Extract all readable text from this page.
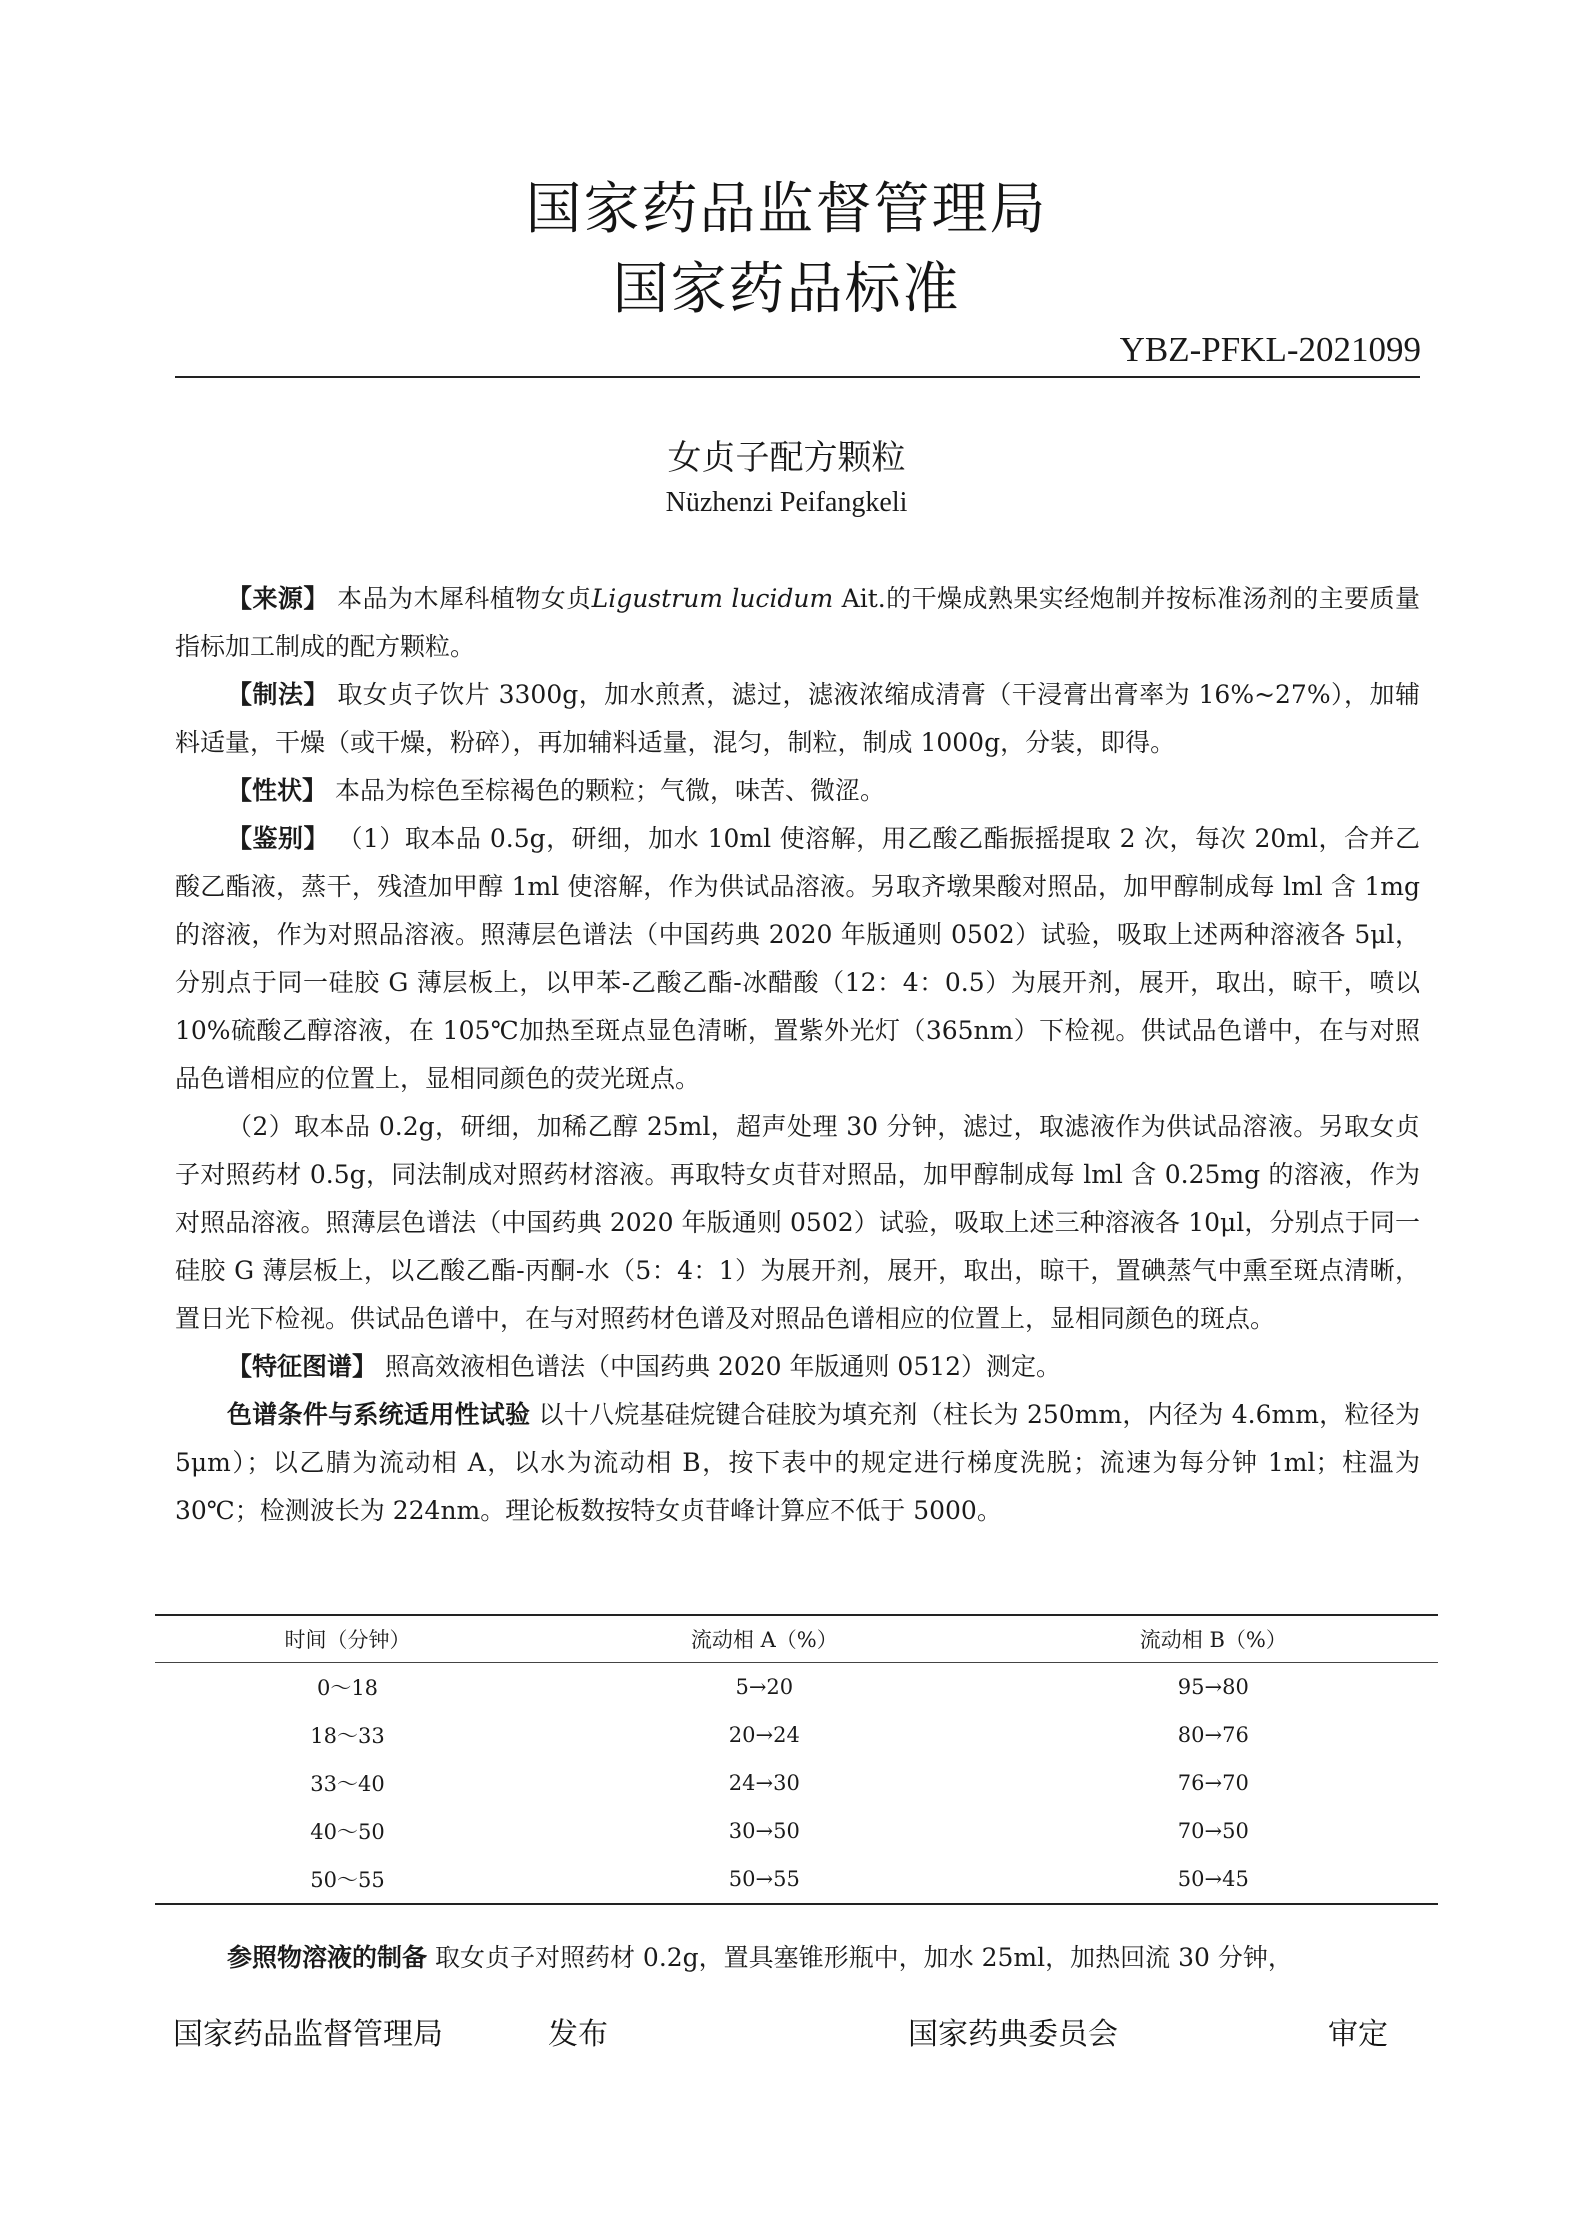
国家药品监督管理局
国家药品标准
YBZ-PFKL-2021099
女贞子配方颗粒
Nüzhenzi Peifangkeli

【来源】 本品为木犀科植物女贞Ligustrum lucidum Ait.的干燥成熟果实经炮制并按标准汤剂的主要质量指标加工制成的配方颗粒。

【制法】 取女贞子饮片 3300g，加水煎煮，滤过，滤液浓缩成清膏（干浸膏出膏率为 16%~27%），加辅料适量，干燥（或干燥，粉碎），再加辅料适量，混匀，制粒，制成 1000g，分装，即得。

【性状】 本品为棕色至棕褐色的颗粒；气微，味苦、微涩。

【鉴别】 （1）取本品 0.5g，研细，加水 10ml 使溶解，用乙酸乙酯振摇提取 2 次，每次 20ml，合并乙酸乙酯液，蒸干，残渣加甲醇 1ml 使溶解，作为供试品溶液。另取齐墩果酸对照品，加甲醇制成每 lml 含 1mg 的溶液，作为对照品溶液。照薄层色谱法（中国药典 2020 年版通则 0502）试验，吸取上述两种溶液各 5μl，分别点于同一硅胶 G 薄层板上，以甲苯-乙酸乙酯-冰醋酸（12：4：0.5）为展开剂，展开，取出，晾干，喷以 10%硫酸乙醇溶液，在 105℃加热至斑点显色清晰，置紫外光灯（365nm）下检视。供试品色谱中，在与对照品色谱相应的位置上，显相同颜色的荧光斑点。

（2）取本品 0.2g，研细，加稀乙醇 25ml，超声处理 30 分钟，滤过，取滤液作为供试品溶液。另取女贞子对照药材 0.5g，同法制成对照药材溶液。再取特女贞苷对照品，加甲醇制成每 lml 含 0.25mg 的溶液，作为对照品溶液。照薄层色谱法（中国药典 2020 年版通则 0502）试验，吸取上述三种溶液各 10μl，分别点于同一硅胶 G 薄层板上，以乙酸乙酯-丙酮-水（5：4：1）为展开剂，展开，取出，晾干，置碘蒸气中熏至斑点清晰，置日光下检视。供试品色谱中，在与对照药材色谱及对照品色谱相应的位置上，显相同颜色的斑点。

【特征图谱】 照高效液相色谱法（中国药典 2020 年版通则 0512）测定。

色谱条件与系统适用性试验 以十八烷基硅烷键合硅胶为填充剂（柱长为 250mm，内径为 4.6mm，粒径为 5μm）；以乙腈为流动相 A，以水为流动相 B，按下表中的规定进行梯度洗脱；流速为每分钟 1ml；柱温为 30℃；检测波长为 224nm。理论板数按特女贞苷峰计算应不低于 5000。

时间（分钟）	流动相 A（%）	流动相 B（%）
0～18	5→20	95→80
18～33	20→24	80→76
33～40	24→30	76→70
40～50	30→50	70→50
50～55	50→55	50→45
参照物溶液的制备 取女贞子对照药材 0.2g，置具塞锥形瓶中，加水 25ml，加热回流 30 分钟，
国家药品监督管理局	发布	国家药典委员会	审定
